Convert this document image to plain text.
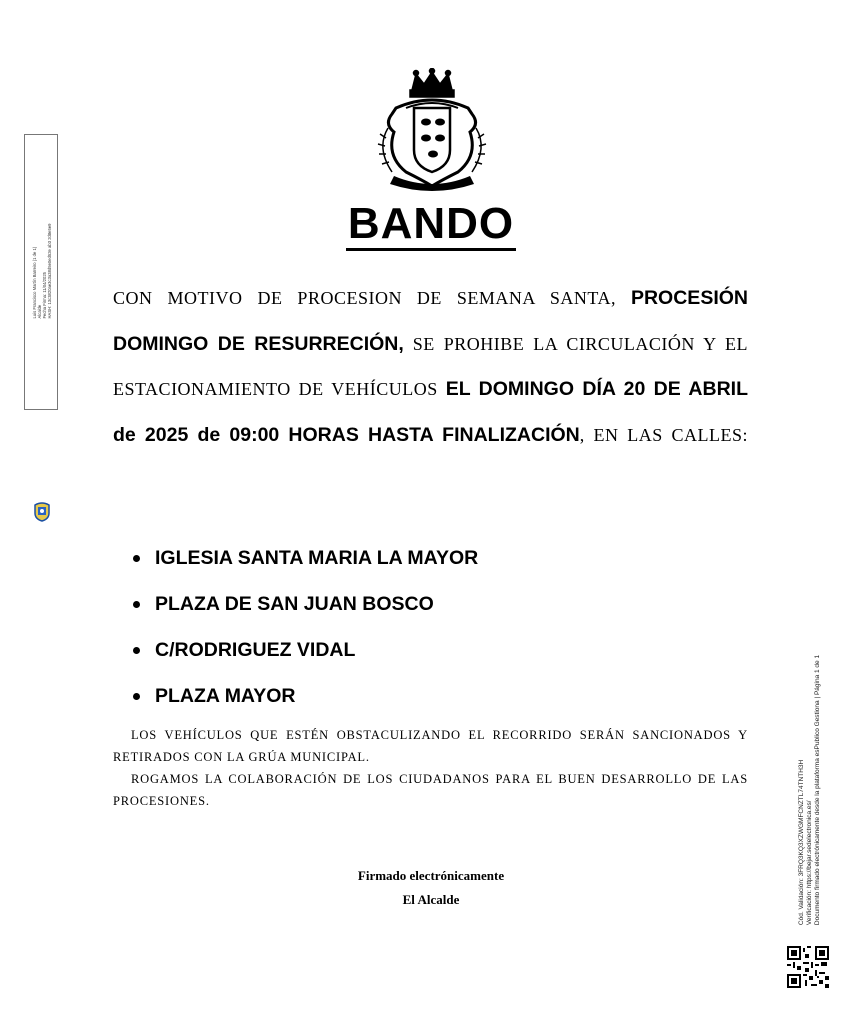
BANDO
CON MOTIVO DE PROCESION DE SEMANA SANTA, PROCESIÓN DOMINGO DE RESURRECIÓN, SE PROHIBE LA CIRCULACIÓN Y EL ESTACIONAMIENTO DE VEHÍCULOS EL DOMINGO DÍA 20 DE ABRIL de 2025 de 09:00 HORAS HASTA FINALIZACIÓN, EN LAS CALLES:
IGLESIA SANTA MARIA LA MAYOR
PLAZA DE SAN JUAN BOSCO
C/RODRIGUEZ VIDAL
PLAZA MAYOR

LOS VEHÍCULOS QUE ESTÉN OBSTACULIZANDO EL RECORRIDO SERÁN SANCIONADOS Y RETIRADOS CON LA GRÚA MUNICIPAL.

ROGAMOS LA COLABORACIÓN DE LOS CIUDADANOS PARA EL BUEN DESARROLLO DE LAS PROCESIONES.

Firmado electrónicamente
El Alcalde
Luis Francisco Martín Barreiro (1 de 1) Alcalde Fecha Firma: 11/04/2025 HASH: 13c3820ae3c3a38d5e0ed52e ab3 2d8e5e9
Cód. Validación: 3FRQ3KQ3XZWGMFCNZTL74TNTH3H Verificación: https://bejar.sedelectronica.es/ Documento firmado electrónicamente desde la plataforma esPublico Gestiona | Página 1 de 1
